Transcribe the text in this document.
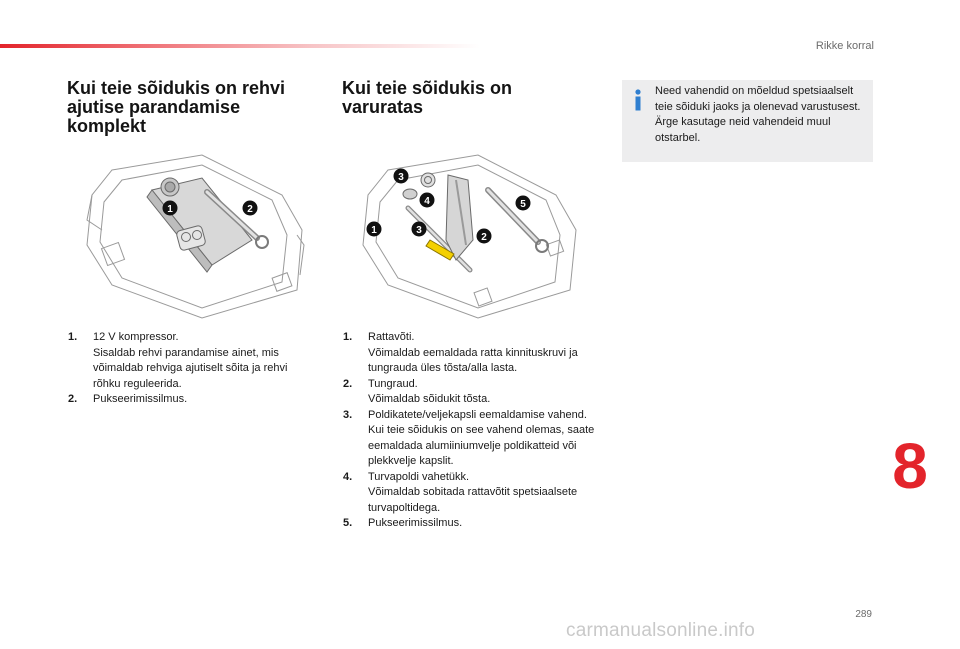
Rikke korral
Kui teie sõidukis on rehvi ajutise parandamise komplekt
Kui teie sõidukis on varuratas
Need vahendid on mõeldud spetsiaalselt teie sõiduki jaoks ja olenevad varustusest. Ärge kasutage neid vahendeid muul otstarbel.
1	2
3
4
1	3
2
5
1. 12 V kompressor.
Sisaldab rehvi parandamise ainet, mis võimaldab rehviga ajutiselt sõita ja rehvi rõhku reguleerida.
2. Pukseerimissilmus.
1. Rattavõti.
Võimaldab eemaldada ratta kinnituskruvi ja tungrauda üles tõsta/alla lasta.
2. Tungraud.
Võimaldab sõidukit tõsta.
3. Poldikatete/veljekapsli eemaldamise vahend.
Kui teie sõidukis on see vahend olemas, saate eemaldada alumiiniumvelje poldikatteid või plekkvelje kapslit.
4. Turvapoldi vahetükk.
Võimaldab sobitada rattavõtit spetsiaalsete turvapoltidega.
5. Pukseerimissilmus.
8
289
carmanualsonline.info
